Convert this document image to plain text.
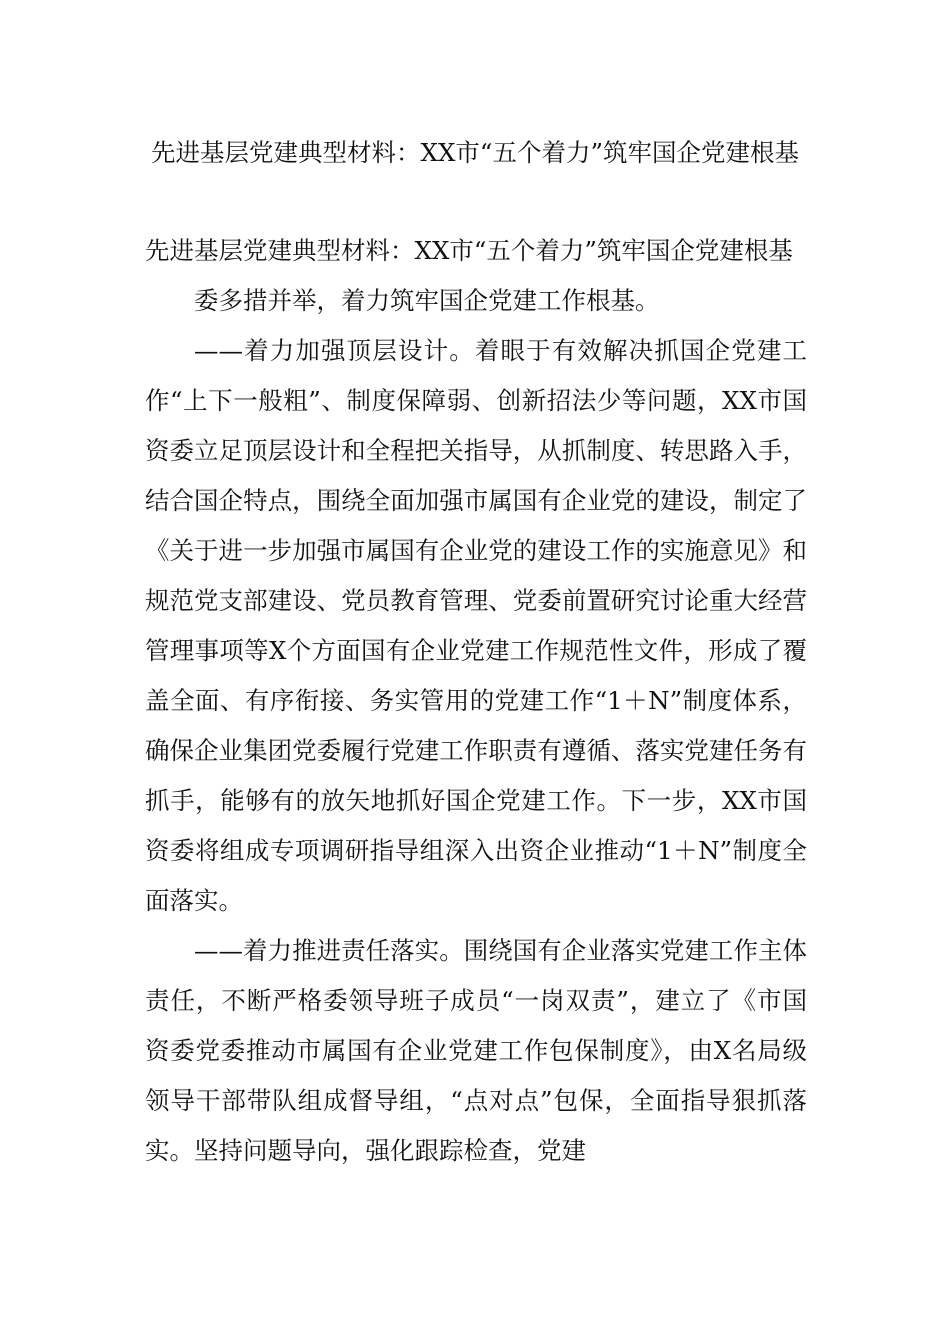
先进基层党建典型材料：XX市“五个着力”筑牢国企党建根基

先进基层党建典型材料：XX市“五个着力”筑牢国企党建根基

委多措并举，着力筑牢国企党建工作根基。

——着力加强顶层设计。着眼于有效解决抓国企党建工作“上下一般粗”、制度保障弱、创新招法少等问题，XX市国资委立足顶层设计和全程把关指导，从抓制度、转思路入手，结合国企特点，围绕全面加强市属国有企业党的建设，制定了《关于进一步加强市属国有企业党的建设工作的实施意见》和规范党支部建设、党员教育管理、党委前置研究讨论重大经营管理事项等X个方面国有企业党建工作规范性文件，形成了覆盖全面、有序衔接、务实管用的党建工作“1＋N”制度体系，确保企业集团党委履行党建工作职责有遵循、落实党建任务有抓手，能够有的放矢地抓好国企党建工作。下一步，XX市国资委将组成专项调研指导组深入出资企业推动“1＋N”制度全面落实。

——着力推进责任落实。围绕国有企业落实党建工作主体责任，不断严格委领导班子成员“一岗双责”，建立了《市国资委党委推动市属国有企业党建工作包保制度》，由X名局级领导干部带队组成督导组，“点对点”包保，全面指导狠抓落实。坚持问题导向，强化跟踪检查，党建
